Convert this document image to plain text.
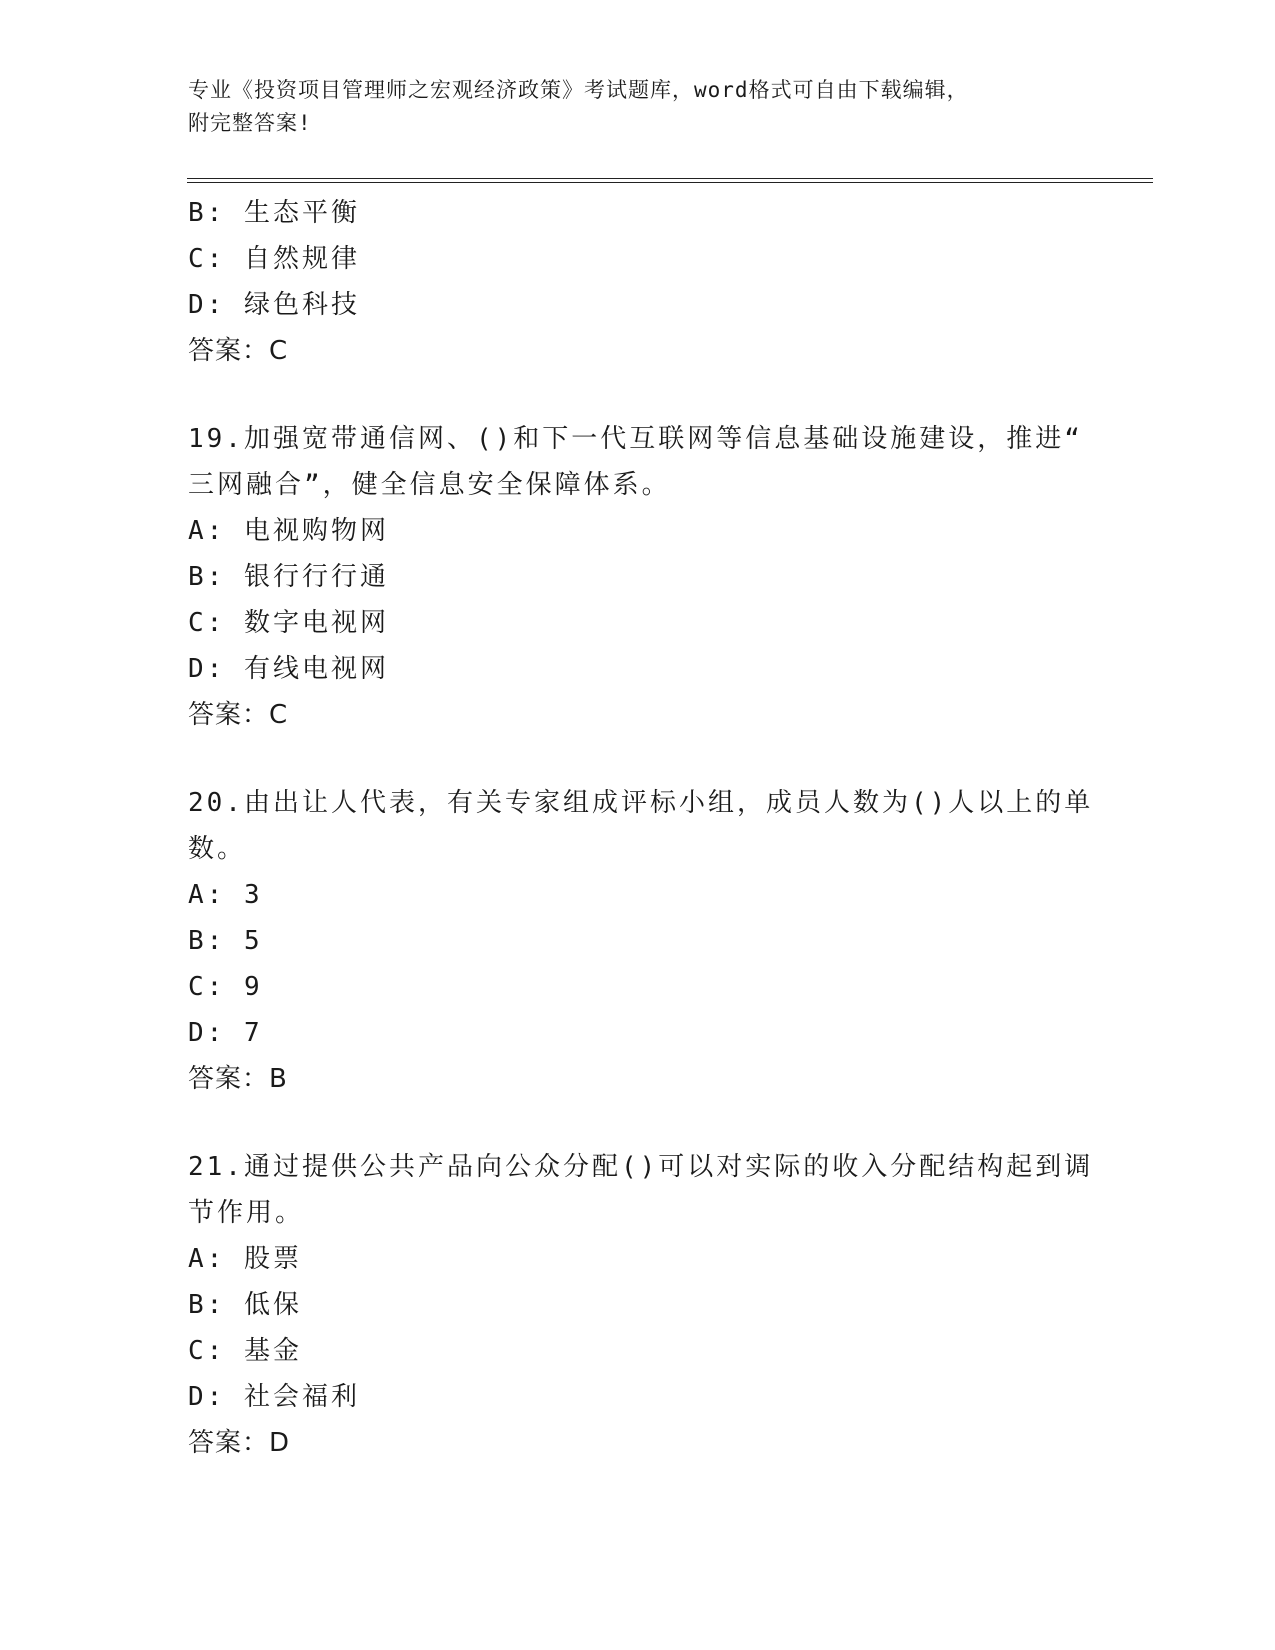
专业《投资项目管理师之宏观经济政策》考试题库，word格式可自由下载编辑，
附完整答案!
B: 生态平衡
C: 自然规律
D: 绿色科技
答案：C
19.加强宽带通信网、()和下一代互联网等信息基础设施建设，推进“
三网融合”，健全信息安全保障体系。
A: 电视购物网
B: 银行行行通
C: 数字电视网
D: 有线电视网
答案：C
20.由出让人代表，有关专家组成评标小组，成员人数为()人以上的单
数。
A: 3
B: 5
C: 9
D: 7
答案：B
21.通过提供公共产品向公众分配()可以对实际的收入分配结构起到调
节作用。
A: 股票
B: 低保
C: 基金
D: 社会福利
答案：D
